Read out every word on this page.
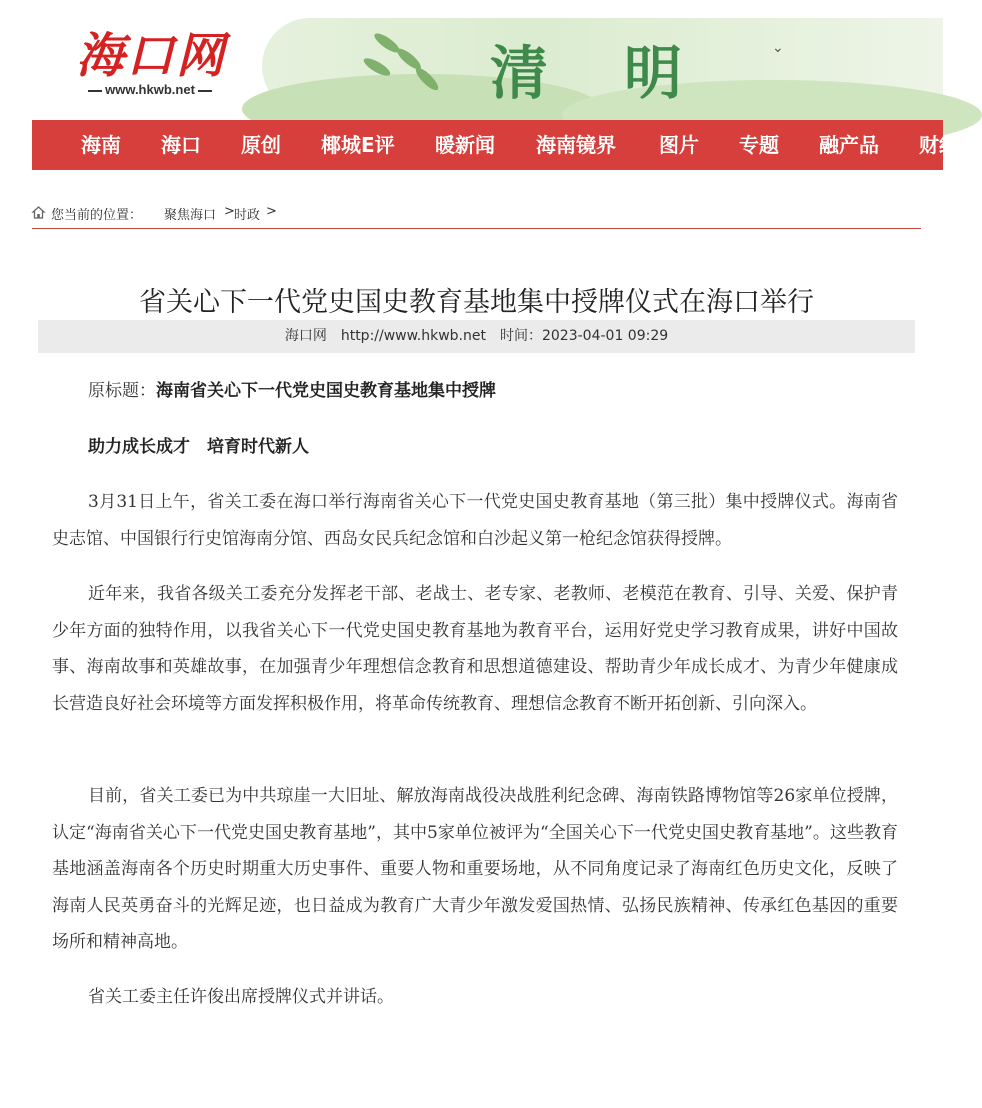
海口网
www.hkwb.net	清明 ⌄
海南 海口 原创 椰城E评 暖新闻 海南镜界 图片 专题 融产品 财经
您当前的位置： 聚焦海口 > 时政 >
省关心下一代党史国史教育基地集中授牌仪式在海口举行
海口网 http://www.hkwb.net 时间：2023-04-01 09:29

原标题：海南省关心下一代党史国史教育基地集中授牌

助力成长成才　培育时代新人

3月31日上午，省关工委在海口举行海南省关心下一代党史国史教育基地（第三批）集中授牌仪式。海南省史志馆、中国银行行史馆海南分馆、西岛女民兵纪念馆和白沙起义第一枪纪念馆获得授牌。

近年来，我省各级关工委充分发挥老干部、老战士、老专家、老教师、老模范在教育、引导、关爱、保护青少年方面的独特作用，以我省关心下一代党史国史教育基地为教育平台，运用好党史学习教育成果，讲好中国故事、海南故事和英雄故事，在加强青少年理想信念教育和思想道德建设、帮助青少年成长成才、为青少年健康成长营造良好社会环境等方面发挥积极作用，将革命传统教育、理想信念教育不断开拓创新、引向深入。

目前，省关工委已为中共琼崖一大旧址、解放海南战役决战胜利纪念碑、海南铁路博物馆等26家单位授牌，认定“海南省关心下一代党史国史教育基地”，其中5家单位被评为“全国关心下一代党史国史教育基地”。这些教育基地涵盖海南各个历史时期重大历史事件、重要人物和重要场地，从不同角度记录了海南红色历史文化，反映了海南人民英勇奋斗的光辉足迹，也日益成为教育广大青少年激发爱国热情、弘扬民族精神、传承红色基因的重要场所和精神高地。

省关工委主任许俊出席授牌仪式并讲话。
